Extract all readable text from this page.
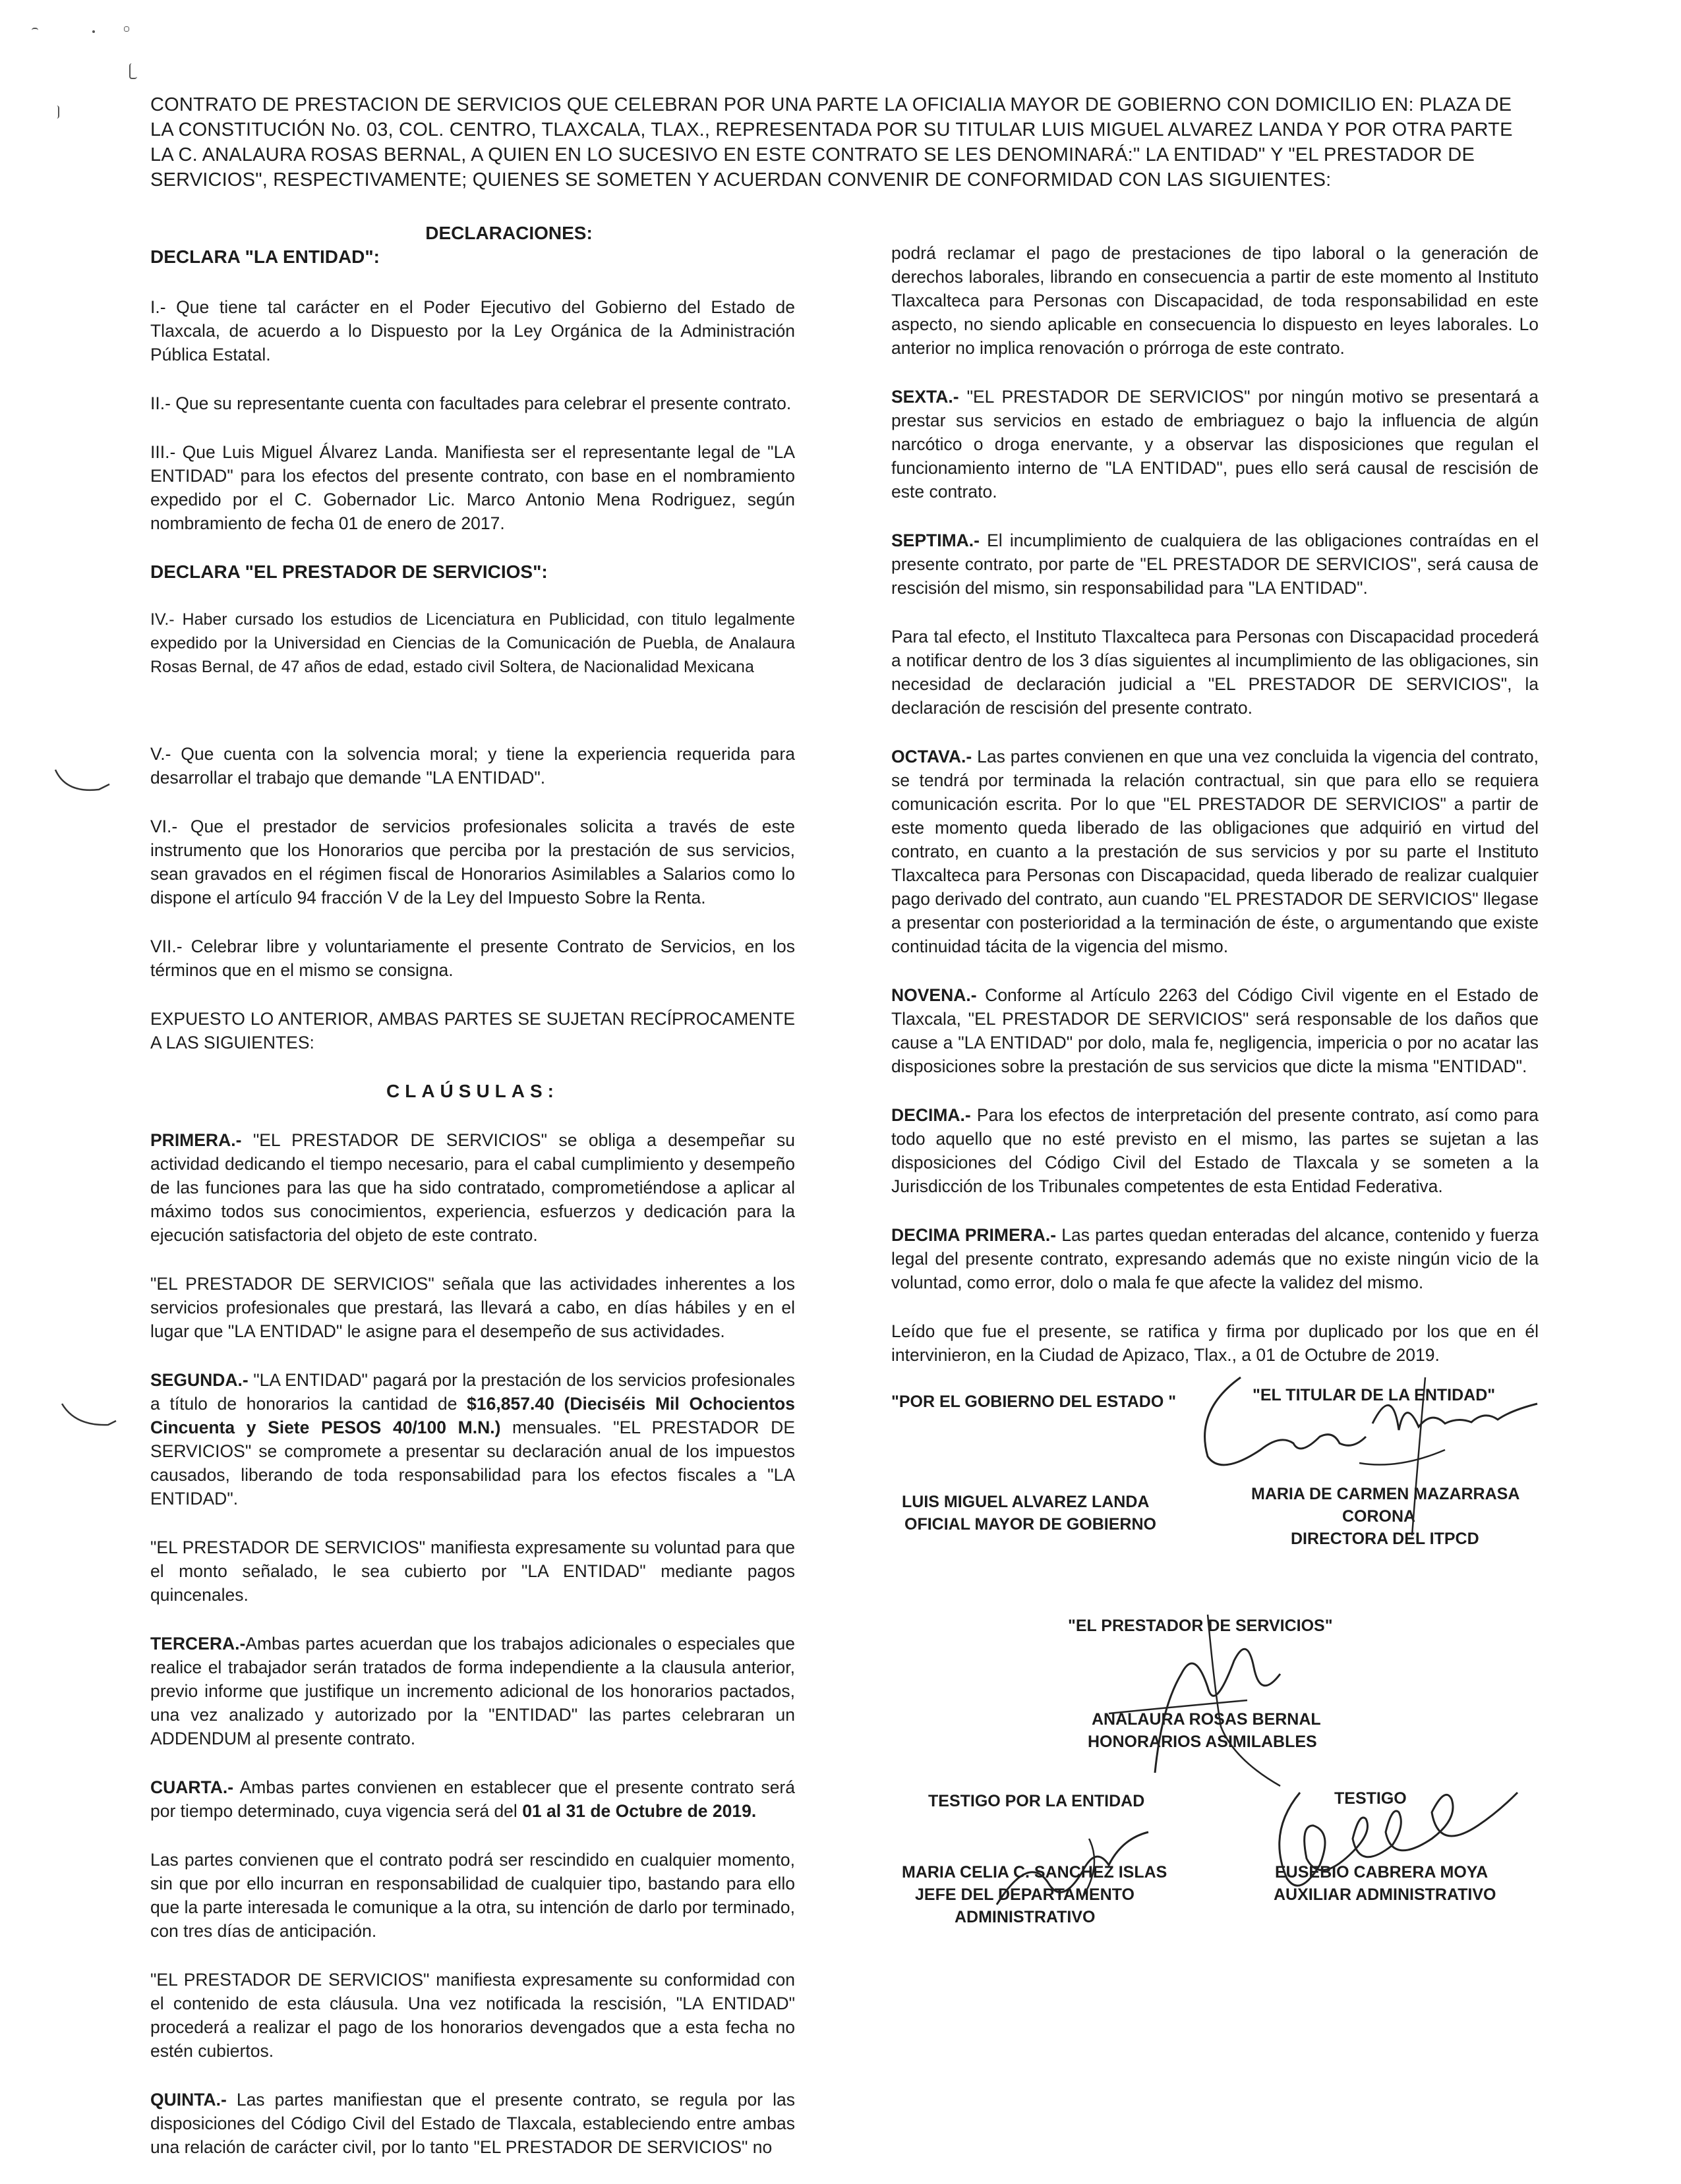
CONTRATO DE PRESTACION DE SERVICIOS QUE CELEBRAN POR UNA PARTE LA OFICIALIA MAYOR DE GOBIERNO CON DOMICILIO EN: PLAZA DE LA CONSTITUCIÓN No. 03, COL. CENTRO, TLAXCALA, TLAX., REPRESENTADA POR SU TITULAR LUIS MIGUEL ALVAREZ LANDA Y POR OTRA PARTE LA C. ANALAURA ROSAS BERNAL, A QUIEN EN LO SUCESIVO EN ESTE CONTRATO SE LES DENOMINARÁ:" LA ENTIDAD" Y "EL PRESTADOR DE SERVICIOS", RESPECTIVAMENTE; QUIENES SE SOMETEN Y ACUERDAN CONVENIR DE CONFORMIDAD CON LAS SIGUIENTES:

DECLARACIONES:

DECLARA "LA ENTIDAD":

I.- Que tiene tal carácter en el Poder Ejecutivo del Gobierno del Estado de Tlaxcala, de acuerdo a lo Dispuesto por la Ley Orgánica de la Administración Pública Estatal.

II.- Que su representante cuenta con facultades para celebrar el presente contrato.

III.- Que Luis Miguel Álvarez Landa. Manifiesta ser el representante legal de "LA ENTIDAD" para los efectos del presente contrato, con base en el nombramiento expedido por el C. Gobernador Lic. Marco Antonio Mena Rodriguez, según nombramiento de fecha 01 de enero de 2017.

DECLARA "EL PRESTADOR DE SERVICIOS":

IV.- Haber cursado los estudios de Licenciatura en Publicidad, con titulo legalmente expedido por la Universidad en Ciencias de la Comunicación de Puebla, de Analaura Rosas Bernal, de 47 años de edad, estado civil Soltera, de Nacionalidad Mexicana

V.- Que cuenta con la solvencia moral; y tiene la experiencia requerida para desarrollar el trabajo que demande "LA ENTIDAD".

VI.- Que el prestador de servicios profesionales solicita a través de este instrumento que los Honorarios que perciba por la prestación de sus servicios, sean gravados en el régimen fiscal de Honorarios Asimilables a Salarios como lo dispone el artículo 94 fracción V de la Ley del Impuesto Sobre la Renta.

VII.- Celebrar libre y voluntariamente el presente Contrato de Servicios, en los términos que en el mismo se consigna.

EXPUESTO LO ANTERIOR, AMBAS PARTES SE SUJETAN RECÍPROCAMENTE A LAS SIGUIENTES:

CLAÚSULAS:

PRIMERA.- "EL PRESTADOR DE SERVICIOS" se obliga a desempeñar su actividad dedicando el tiempo necesario, para el cabal cumplimiento y desempeño de las funciones para las que ha sido contratado, comprometiéndose a aplicar al máximo todos sus conocimientos, experiencia, esfuerzos y dedicación para la ejecución satisfactoria del objeto de este contrato.

"EL PRESTADOR DE SERVICIOS" señala que las actividades inherentes a los servicios profesionales que prestará, las llevará a cabo, en días hábiles y en el lugar que "LA ENTIDAD" le asigne para el desempeño de sus actividades.

SEGUNDA.- "LA ENTIDAD" pagará por la prestación de los servicios profesionales a título de honorarios la cantidad de $16,857.40 (Dieciséis Mil Ochocientos Cincuenta y Siete PESOS 40/100 M.N.) mensuales. "EL PRESTADOR DE SERVICIOS" se compromete a presentar su declaración anual de los impuestos causados, liberando de toda responsabilidad para los efectos fiscales a "LA ENTIDAD".

"EL PRESTADOR DE SERVICIOS" manifiesta expresamente su voluntad para que el monto señalado, le sea cubierto por "LA ENTIDAD" mediante pagos quincenales.

TERCERA.-Ambas partes acuerdan que los trabajos adicionales o especiales que realice el trabajador serán tratados de forma independiente a la clausula anterior, previo informe que justifique un incremento adicional de los honorarios pactados, una vez analizado y autorizado por la "ENTIDAD" las partes celebraran un ADDENDUM al presente contrato.

CUARTA.- Ambas partes convienen en establecer que el presente contrato será por tiempo determinado, cuya vigencia será del 01 al 31 de Octubre de 2019.

Las partes convienen que el contrato podrá ser rescindido en cualquier momento, sin que por ello incurran en responsabilidad de cualquier tipo, bastando para ello que la parte interesada le comunique a la otra, su intención de darlo por terminado, con tres días de anticipación.

"EL PRESTADOR DE SERVICIOS" manifiesta expresamente su conformidad con el contenido de esta cláusula. Una vez notificada la rescisión, "LA ENTIDAD" procederá a realizar el pago de los honorarios devengados que a esta fecha no estén cubiertos.

QUINTA.- Las partes manifiestan que el presente contrato, se regula por las disposiciones del Código Civil del Estado de Tlaxcala, estableciendo entre ambas una relación de carácter civil, por lo tanto "EL PRESTADOR DE SERVICIOS" no

podrá reclamar el pago de prestaciones de tipo laboral o la generación de derechos laborales, librando en consecuencia a partir de este momento al Instituto Tlaxcalteca para Personas con Discapacidad, de toda responsabilidad en este aspecto, no siendo aplicable en consecuencia lo dispuesto en leyes laborales. Lo anterior no implica renovación o prórroga de este contrato.

SEXTA.- "EL PRESTADOR DE SERVICIOS" por ningún motivo se presentará a prestar sus servicios en estado de embriaguez o bajo la influencia de algún narcótico o droga enervante, y a observar las disposiciones que regulan el funcionamiento interno de "LA ENTIDAD", pues ello será causal de rescisión de este contrato.

SEPTIMA.- El incumplimiento de cualquiera de las obligaciones contraídas en el presente contrato, por parte de "EL PRESTADOR DE SERVICIOS", será causa de rescisión del mismo, sin responsabilidad para "LA ENTIDAD".

Para tal efecto, el Instituto Tlaxcalteca para Personas con Discapacidad procederá a notificar dentro de los 3 días siguientes al incumplimiento de las obligaciones, sin necesidad de declaración judicial a "EL PRESTADOR DE SERVICIOS", la declaración de rescisión del presente contrato.

OCTAVA.- Las partes convienen en que una vez concluida la vigencia del contrato, se tendrá por terminada la relación contractual, sin que para ello se requiera comunicación escrita. Por lo que "EL PRESTADOR DE SERVICIOS" a partir de este momento queda liberado de las obligaciones que adquirió en virtud del contrato, en cuanto a la prestación de sus servicios y por su parte el Instituto Tlaxcalteca para Personas con Discapacidad, queda liberado de realizar cualquier pago derivado del contrato, aun cuando "EL PRESTADOR DE SERVICIOS" llegase a presentar con posterioridad a la terminación de éste, o argumentando que existe continuidad tácita de la vigencia del mismo.

NOVENA.- Conforme al Artículo 2263 del Código Civil vigente en el Estado de Tlaxcala, "EL PRESTADOR DE SERVICIOS" será responsable de los daños que cause a "LA ENTIDAD" por dolo, mala fe, negligencia, impericia o por no acatar las disposiciones sobre la prestación de sus servicios que dicte la misma "ENTIDAD".

DECIMA.- Para los efectos de interpretación del presente contrato, así como para todo aquello que no esté previsto en el mismo, las partes se sujetan a las disposiciones del Código Civil del Estado de Tlaxcala y se someten a la Jurisdicción de los Tribunales competentes de esta Entidad Federativa.

DECIMA PRIMERA.- Las partes quedan enteradas del alcance, contenido y fuerza legal del presente contrato, expresando además que no existe ningún vicio de la voluntad, como error, dolo o mala fe que afecte la validez del mismo.

Leído que fue el presente, se ratifica y firma por duplicado por los que en él intervinieron, en la Ciudad de Apizaco, Tlax., a 01 de Octubre de 2019.

"POR EL GOBIERNO DEL ESTADO "	"EL TITULAR DE LA ENTIDAD"
LUIS MIGUEL ALVAREZ LANDA
OFICIAL MAYOR DE GOBIERNO
MARIA DE CARMEN MAZARRASA
CORONA
DIRECTORA DEL ITPCD
"EL PRESTADOR DE SERVICIOS"
ANALAURA ROSAS BERNAL
HONORARIOS ASIMILABLES
TESTIGO POR LA ENTIDAD	TESTIGO
MARIA CELIA C. SANCHEZ ISLAS
JEFE DEL DEPARTAMENTO
ADMINISTRATIVO
EUSEBIO CABRERA MOYA
AUXILIAR ADMINISTRATIVO
